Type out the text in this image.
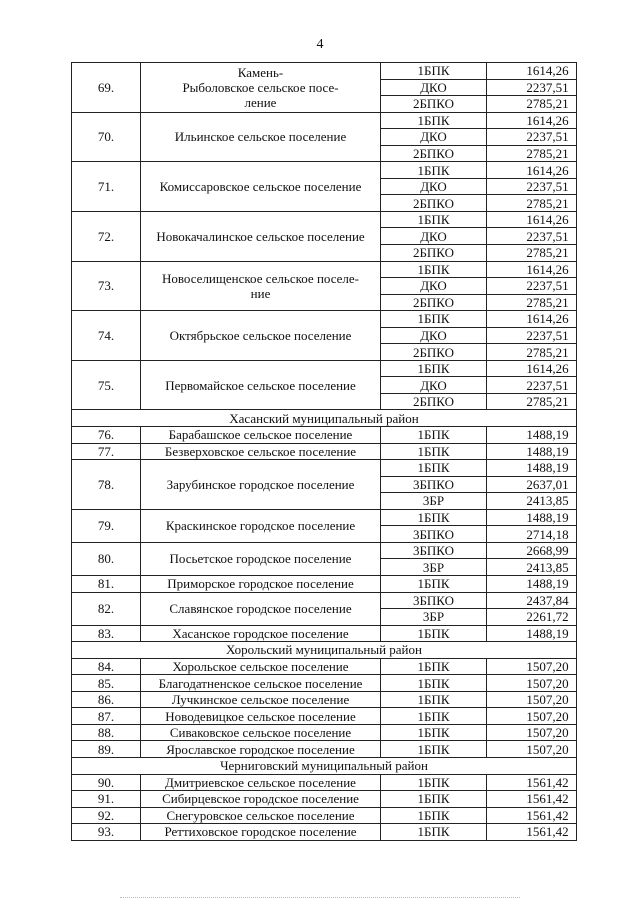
4
69.	Камень-
Рыболовское сельское посе-
ление	1БПК	1614,26
		ДКО	2237,51
		2БПКО	2785,21
70.	Ильинское сельское поселение	1БПК	1614,26
		ДКО	2237,51
		2БПКО	2785,21
71.	Комиссаровское сельское поселение	1БПК	1614,26
		ДКО	2237,51
		2БПКО	2785,21
72.	Новокачалинское сельское поселение	1БПК	1614,26
		ДКО	2237,51
		2БПКО	2785,21
73.	Новоселищенское сельское поселе-
ние	1БПК	1614,26
		ДКО	2237,51
		2БПКО	2785,21
74.	Октябрьское сельское поселение	1БПК	1614,26
		ДКО	2237,51
		2БПКО	2785,21
75.	Первомайское сельское поселение	1БПК	1614,26
		ДКО	2237,51
		2БПКО	2785,21
Хасанский муниципальный район			
76.	Барабашское сельское поселение	1БПК	1488,19
77.	Безверховское сельское поселение	1БПК	1488,19
78.	Зарубинское городское поселение	1БПК	1488,19
		3БПКО	2637,01
		3БР	2413,85
79.	Краскинское городское поселение	1БПК	1488,19
		3БПКО	2714,18
80.	Посьетское городское поселение	3БПКО	2668,99
		3БР	2413,85
81.	Приморское городское поселение	1БПК	1488,19
82.	Славянское городское поселение	3БПКО	2437,84
		3БР	2261,72
83.	Хасанское городское поселение	1БПК	1488,19
Хорольский муниципальный район			
84.	Хорольское сельское поселение	1БПК	1507,20
85.	Благодатненское сельское поселение	1БПК	1507,20
86.	Лучкинское сельское поселение	1БПК	1507,20
87.	Новодевицкое сельское поселение	1БПК	1507,20
88.	Сиваковское сельское поселение	1БПК	1507,20
89.	Ярославское городское поселение	1БПК	1507,20
Черниговский муниципальный район			
90.	Дмитриевское сельское поселение	1БПК	1561,42
91.	Сибирцевское городское поселение	1БПК	1561,42
92.	Снегуровское сельское поселение	1БПК	1561,42
93.	Реттиховское городское поселение	1БПК	1561,42
